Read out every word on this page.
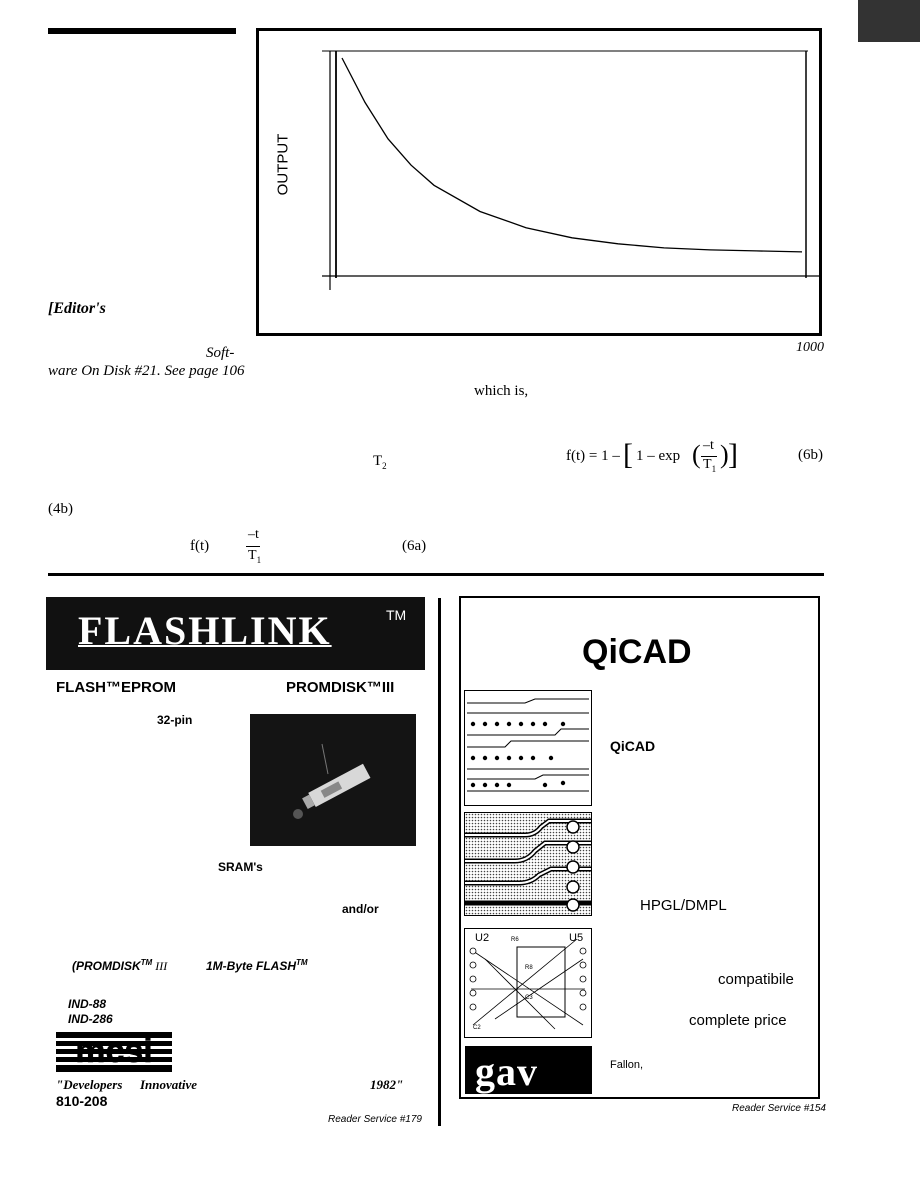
OUTPUT
1000
[Editor's
Soft-
ware On Disk #21. See page 106
which is,
$T_2$
f(t) = 1 – [ 1 – exp ( –t
$T_1$ ) ]	(6b)
(4b)
f(t)
–t
$T_1$
(6a)
FLASHLINK	TM
FLASH™EPROM	PROMDISK™III
32-pin
SRAM's
and/or
(PROMDISK™ III	1M-Byte FLASH™
IND-88
IND-286
mcsi
"Developers Innovative	1982"
810-208
Reader Service #179
QiCAD
U2	R6	U5
R8
C3
C2
QiCAD
HPGL/DMPL
compatibile
complete price
gav	Fallon,
Reader Service #154
